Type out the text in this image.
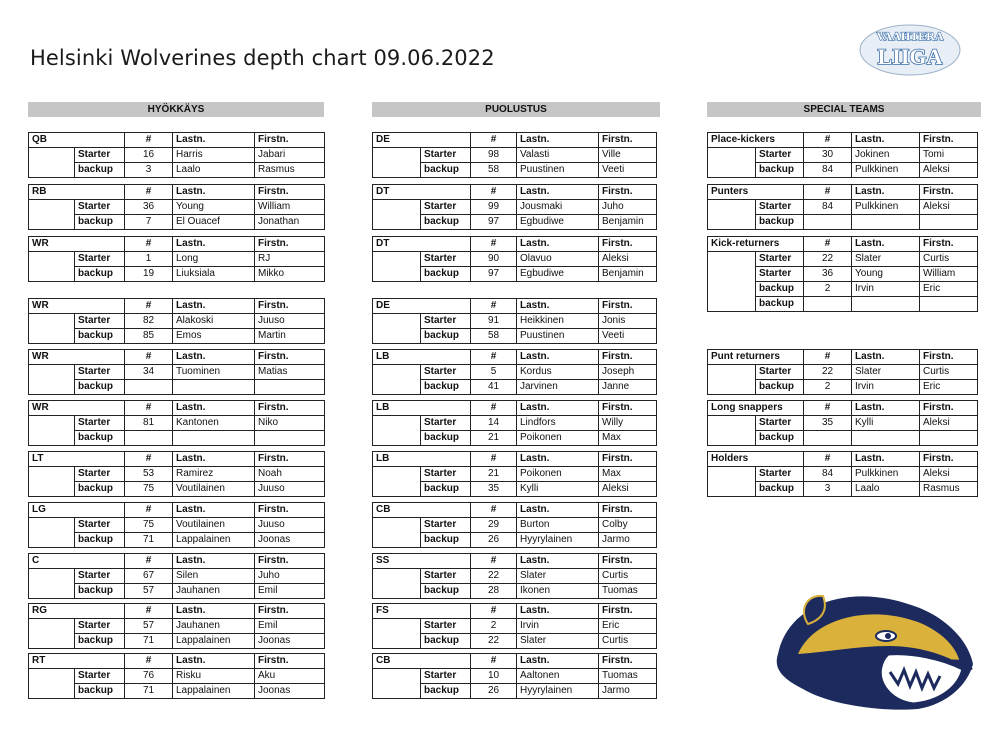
Helsinki Wolverines depth chart 09.06.2022
VAAHTERA
LIIGA
HYÖKKÄYS	PUOLUSTUS	SPECIAL TEAMS
QB		#	Lastn.	Firstn.
	Starter	16	Harris	Jabari
	backup	3	Laalo	Rasmus
RB		#	Lastn.	Firstn.
	Starter	36	Young	William
	backup	7	El Ouacef	Jonathan
WR		#	Lastn.	Firstn.
	Starter	1	Long	RJ
	backup	19	Liuksiala	Mikko
WR		#	Lastn.	Firstn.
	Starter	82	Alakoski	Juuso
	backup	85	Emos	Martin
WR		#	Lastn.	Firstn.
	Starter	34	Tuominen	Matias
	backup			
WR		#	Lastn.	Firstn.
	Starter	81	Kantonen	Niko
	backup			
LT		#	Lastn.	Firstn.
	Starter	53	Ramirez	Noah
	backup	75	Voutilainen	Juuso
LG		#	Lastn.	Firstn.
	Starter	75	Voutilainen	Juuso
	backup	71	Lappalainen	Joonas
C		#	Lastn.	Firstn.
	Starter	67	Silen	Juho
	backup	57	Jauhanen	Emil
RG		#	Lastn.	Firstn.
	Starter	57	Jauhanen	Emil
	backup	71	Lappalainen	Joonas
RT		#	Lastn.	Firstn.
	Starter	76	Risku	Aku
	backup	71	Lappalainen	Joonas
DE		#	Lastn.	Firstn.
	Starter	98	Valasti	Ville
	backup	58	Puustinen	Veeti
DT		#	Lastn.	Firstn.
	Starter	99	Jousmaki	Juho
	backup	97	Egbudiwe	Benjamin
DT		#	Lastn.	Firstn.
	Starter	90	Olavuo	Aleksi
	backup	97	Egbudiwe	Benjamin
DE		#	Lastn.	Firstn.
	Starter	91	Heikkinen	Jonis
	backup	58	Puustinen	Veeti
LB		#	Lastn.	Firstn.
	Starter	5	Kordus	Joseph
	backup	41	Jarvinen	Janne
LB		#	Lastn.	Firstn.
	Starter	14	Lindfors	Willy
	backup	21	Poikonen	Max
LB		#	Lastn.	Firstn.
	Starter	21	Poikonen	Max
	backup	35	Kylli	Aleksi
CB		#	Lastn.	Firstn.
	Starter	29	Burton	Colby
	backup	26	Hyyrylainen	Jarmo
SS		#	Lastn.	Firstn.
	Starter	22	Slater	Curtis
	backup	28	Ikonen	Tuomas
FS		#	Lastn.	Firstn.
	Starter	2	Irvin	Eric
	backup	22	Slater	Curtis
CB		#	Lastn.	Firstn.
	Starter	10	Aaltonen	Tuomas
	backup	26	Hyyrylainen	Jarmo
Place-kickers		#	Lastn.	Firstn.
	Starter	30	Jokinen	Tomi
	backup	84	Pulkkinen	Aleksi
Punters		#	Lastn.	Firstn.
	Starter	84	Pulkkinen	Aleksi
	backup			
Kick-returners		#	Lastn.	Firstn.
	Starter	22	Slater	Curtis
	Starter	36	Young	William
	backup	2	Irvin	Eric
	backup			
Punt returners		#	Lastn.	Firstn.
	Starter	22	Slater	Curtis
	backup	2	Irvin	Eric
Long snappers		#	Lastn.	Firstn.
	Starter	35	Kylli	Aleksi
	backup			
Holders		#	Lastn.	Firstn.
	Starter	84	Pulkkinen	Aleksi
	backup	3	Laalo	Rasmus
